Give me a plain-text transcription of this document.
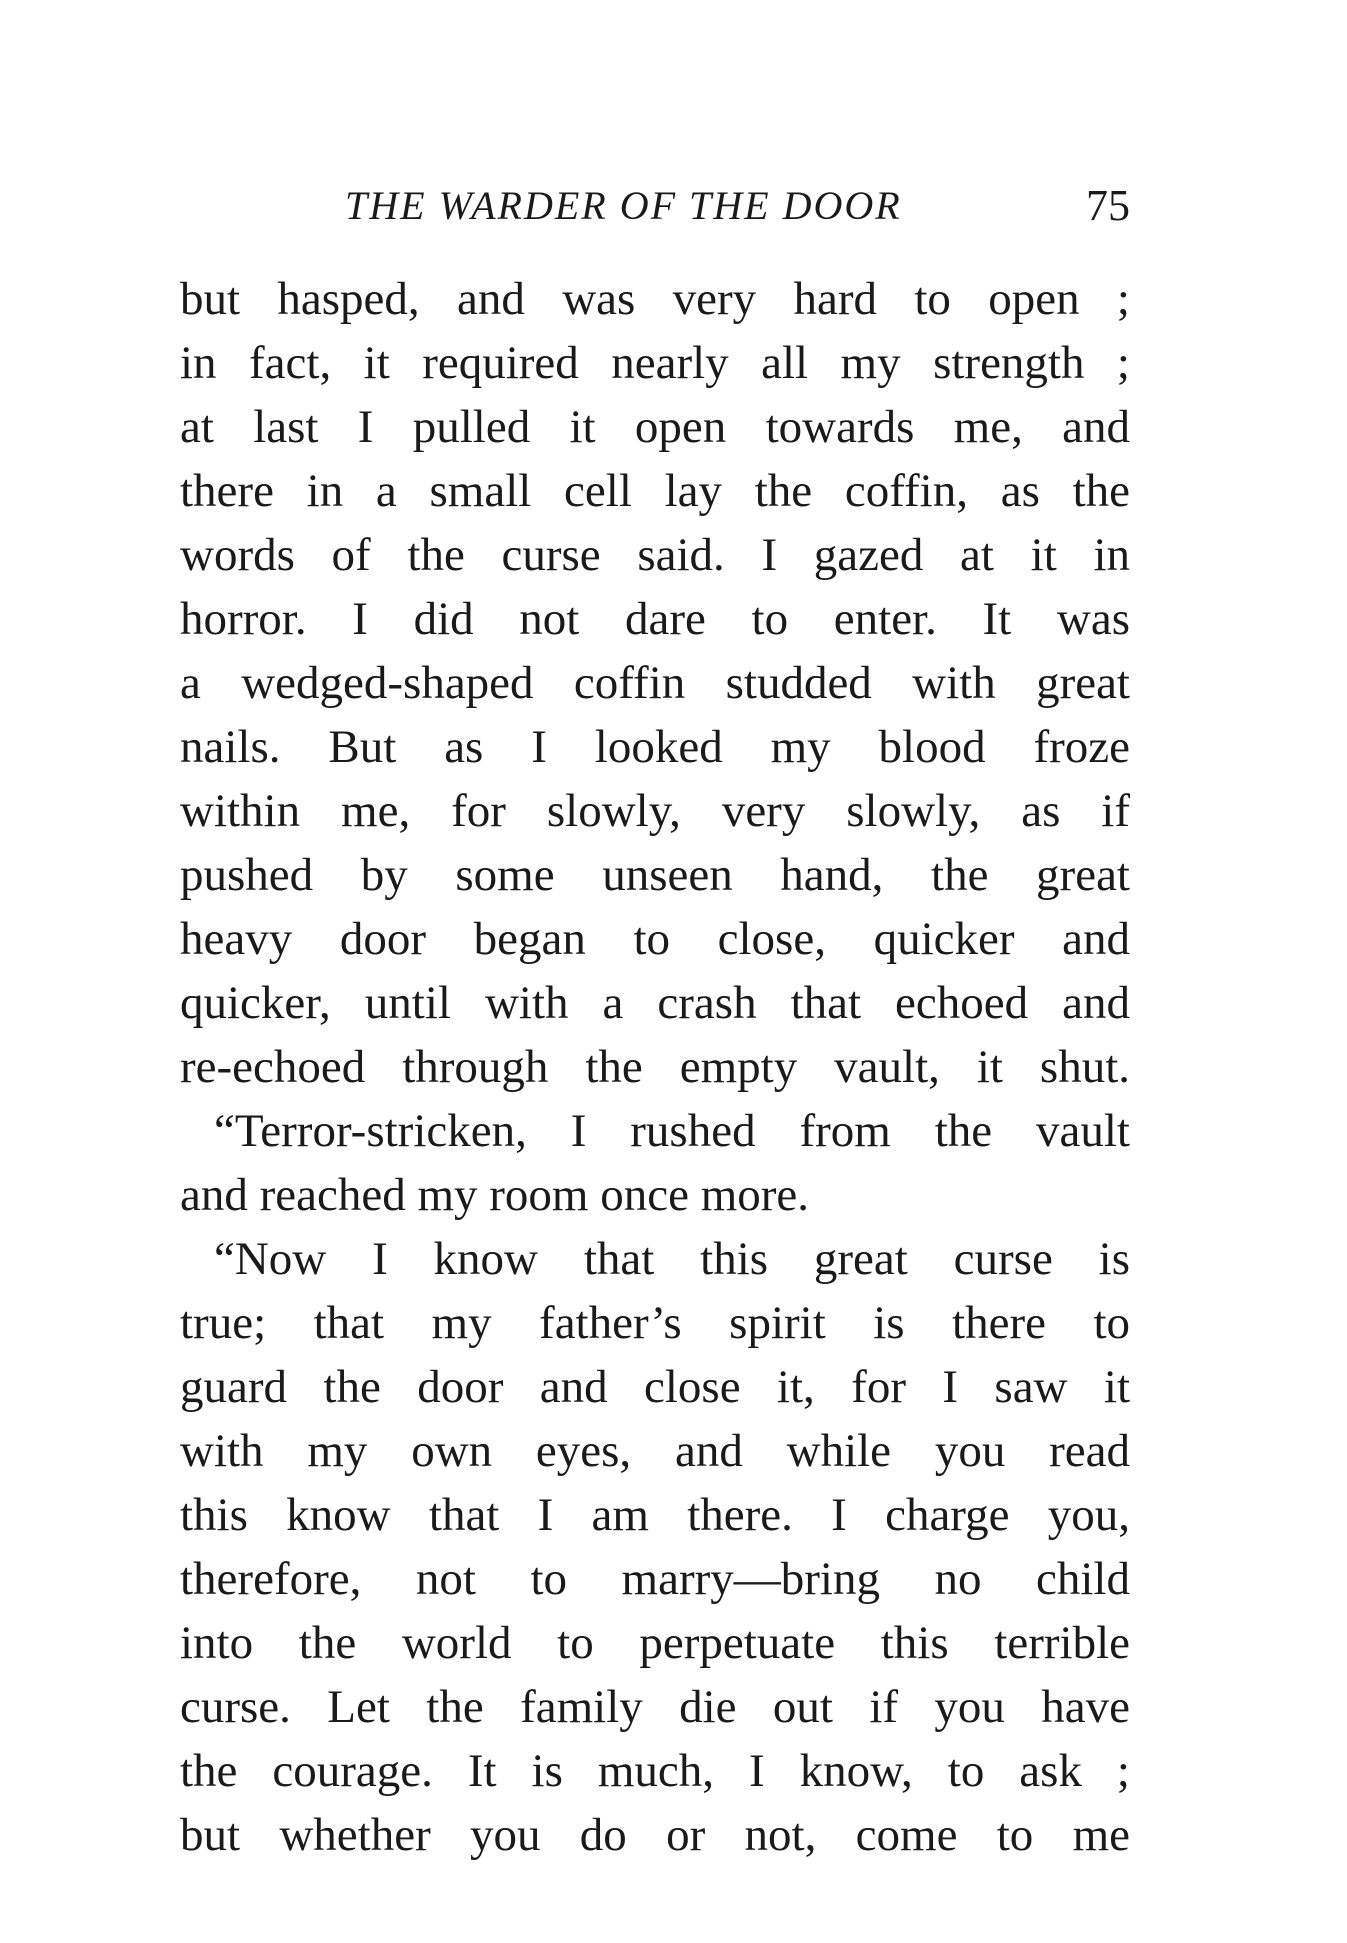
THE WARDER OF THE DOOR	75
but hasped, and was very hard to open ;
in fact, it required nearly all my strength ;
at last I pulled it open towards me, and
there in a small cell lay the coffin, as the
words of the curse said. I gazed at it in
horror. I did not dare to enter. It was
a wedged-shaped coffin studded with great
nails. But as I looked my blood froze
within me, for slowly, very slowly, as if
pushed by some unseen hand, the great
heavy door began to close, quicker and
quicker, until with a crash that echoed and
re-echoed through the empty vault, it shut.
“Terror-stricken, I rushed from the vault
and reached my room once more.
“Now I know that this great curse is
true; that my father’s spirit is there to
guard the door and close it, for I saw it
with my own eyes, and while you read
this know that I am there. I charge you,
therefore, not to marry—bring no child
into the world to perpetuate this terrible
curse. Let the family die out if you have
the courage. It is much, I know, to ask ;
but whether you do or not, come to me
